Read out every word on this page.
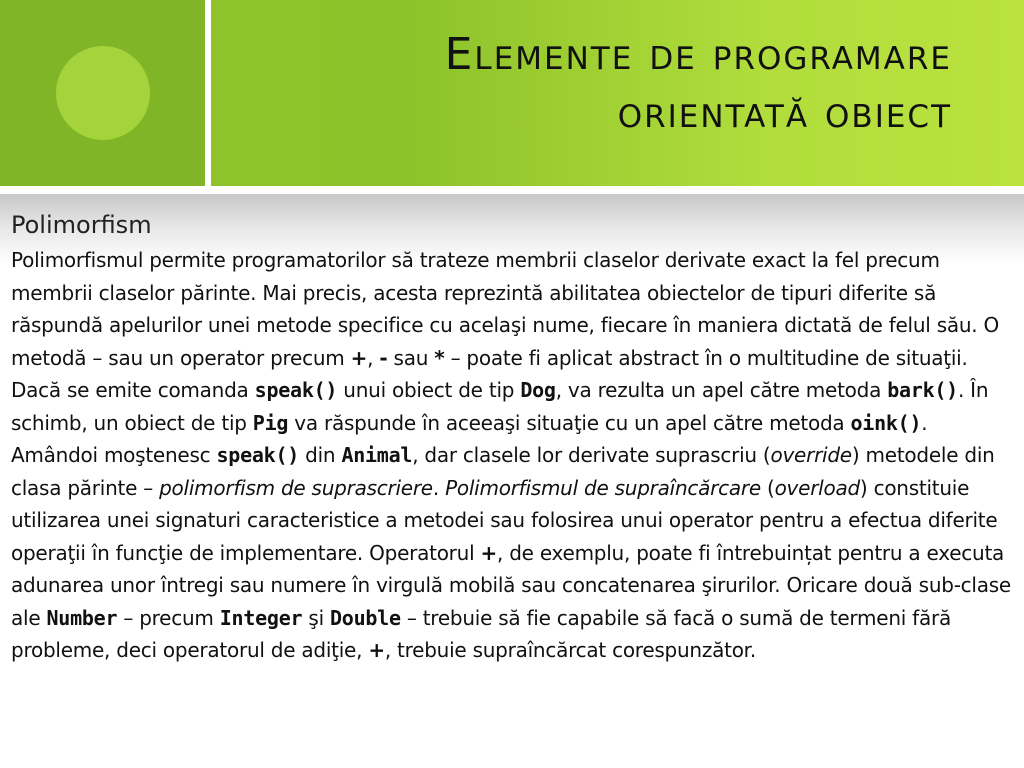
Elemente de programare
orientată obiect
Polimorfism

Polimorfismul permite programatorilor să trateze membrii claselor derivate exact la fel precum membrii claselor părinte. Mai precis, acesta reprezintă abilitatea obiectelor de tipuri diferite să răspundă apelurilor unei metode specifice cu acelaşi nume, fiecare în maniera dictată de felul său. O metodă – sau un operator precum +, - sau * – poate fi aplicat abstract în o multitudine de situaţii. Dacă se emite comanda speak() unui obiect de tip Dog, va rezulta un apel către metoda bark(). În schimb, un obiect de tip Pig va răspunde în aceeaşi situaţie cu un apel către metoda oink(). Amândoi moştenesc speak() din Animal, dar clasele lor derivate suprascriu (override) metodele din clasa părinte – polimorfism de suprascriere. Polimorfismul de supraîncărcare (overload) constituie utilizarea unei signaturi caracteristice a metodei sau folosirea unui operator pentru a efectua diferite operaţii în funcţie de implementare. Operatorul +, de exemplu, poate fi întrebuințat pentru a executa adunarea unor întregi sau numere în virgulă mobilă sau concatenarea şirurilor. Oricare două sub-clase ale Number – precum Integer şi Double – trebuie să fie capabile să facă o sumă de termeni fără probleme, deci operatorul de adiţie, +, trebuie supraîncărcat corespunzător.
